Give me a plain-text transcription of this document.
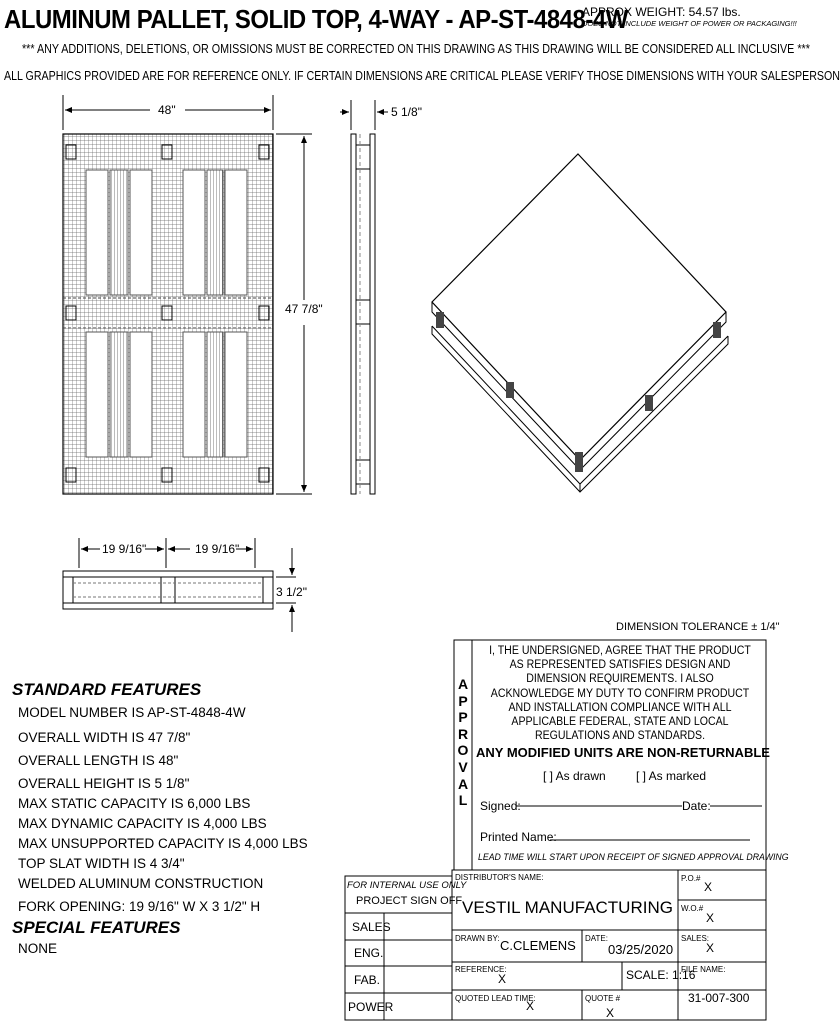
ALUMINUM PALLET, SOLID TOP, 4-WAY - AP-ST-4848-4W
APPROX WEIGHT: 54.57 lbs.
DOES NOT INCLUDE WEIGHT OF POWER OR PACKAGING!!!
*** ANY ADDITIONS, DELETIONS, OR OMISSIONS MUST BE CORRECTED ON THIS DRAWING AS THIS DRAWING WILL BE CONSIDERED ALL INCLUSIVE ***
ALL GRAPHICS PROVIDED ARE FOR REFERENCE ONLY. IF CERTAIN DIMENSIONS ARE CRITICAL PLEASE VERIFY THOSE DIMENSIONS WITH YOUR SALESPERSON
48"	5 1/8"
47 7/8"
19 9/16"	19 9/16"
3 1/2"
DIMENSION TOLERANCE ± 1/4"
STANDARD FEATURES
MODEL NUMBER IS AP-ST-4848-4W
OVERALL WIDTH IS 47 7/8"
OVERALL LENGTH IS 48"
OVERALL HEIGHT IS 5 1/8"
MAX STATIC CAPACITY IS 6,000 LBS
MAX DYNAMIC CAPACITY IS 4,000 LBS
MAX UNSUPPORTED CAPACITY IS 4,000 LBS
TOP SLAT WIDTH IS 4 3/4"
WELDED ALUMINUM CONSTRUCTION
FORK OPENING: 19 9/16" W X 3 1/2" H
SPECIAL FEATURES
NONE
A
P
P
R
O
V
A
L
I, THE UNDERSIGNED, AGREE THAT THE PRODUCT AS REPRESENTED SATISFIES DESIGN AND DIMENSION REQUIREMENTS. I ALSO ACKNOWLEDGE MY DUTY TO CONFIRM PRODUCT AND INSTALLATION COMPLIANCE WITH ALL APPLICABLE FEDERAL, STATE AND LOCAL REGULATIONS AND STANDARDS.
ANY MODIFIED UNITS ARE NON-RETURNABLE
[ ] As drawn	[ ] As marked
Signed:	Date:
Printed Name:
LEAD TIME WILL START UPON RECEIPT OF SIGNED APPROVAL DRAWING
FOR INTERNAL USE ONLY
PROJECT SIGN OFF
SALES
ENG.
FAB.
POWER
DISTRIBUTOR'S NAME:
VESTIL MANUFACTURING
P.O.#
X
W.O.#
X
DRAWN BY: C.CLEMENS DATE:
03/25/2020
SALES:
X
REFERENCE:
X	SCALE: 1:16
FILE NAME:
31-007-300
QUOTED LEAD TIME:
X
QUOTE #
X
